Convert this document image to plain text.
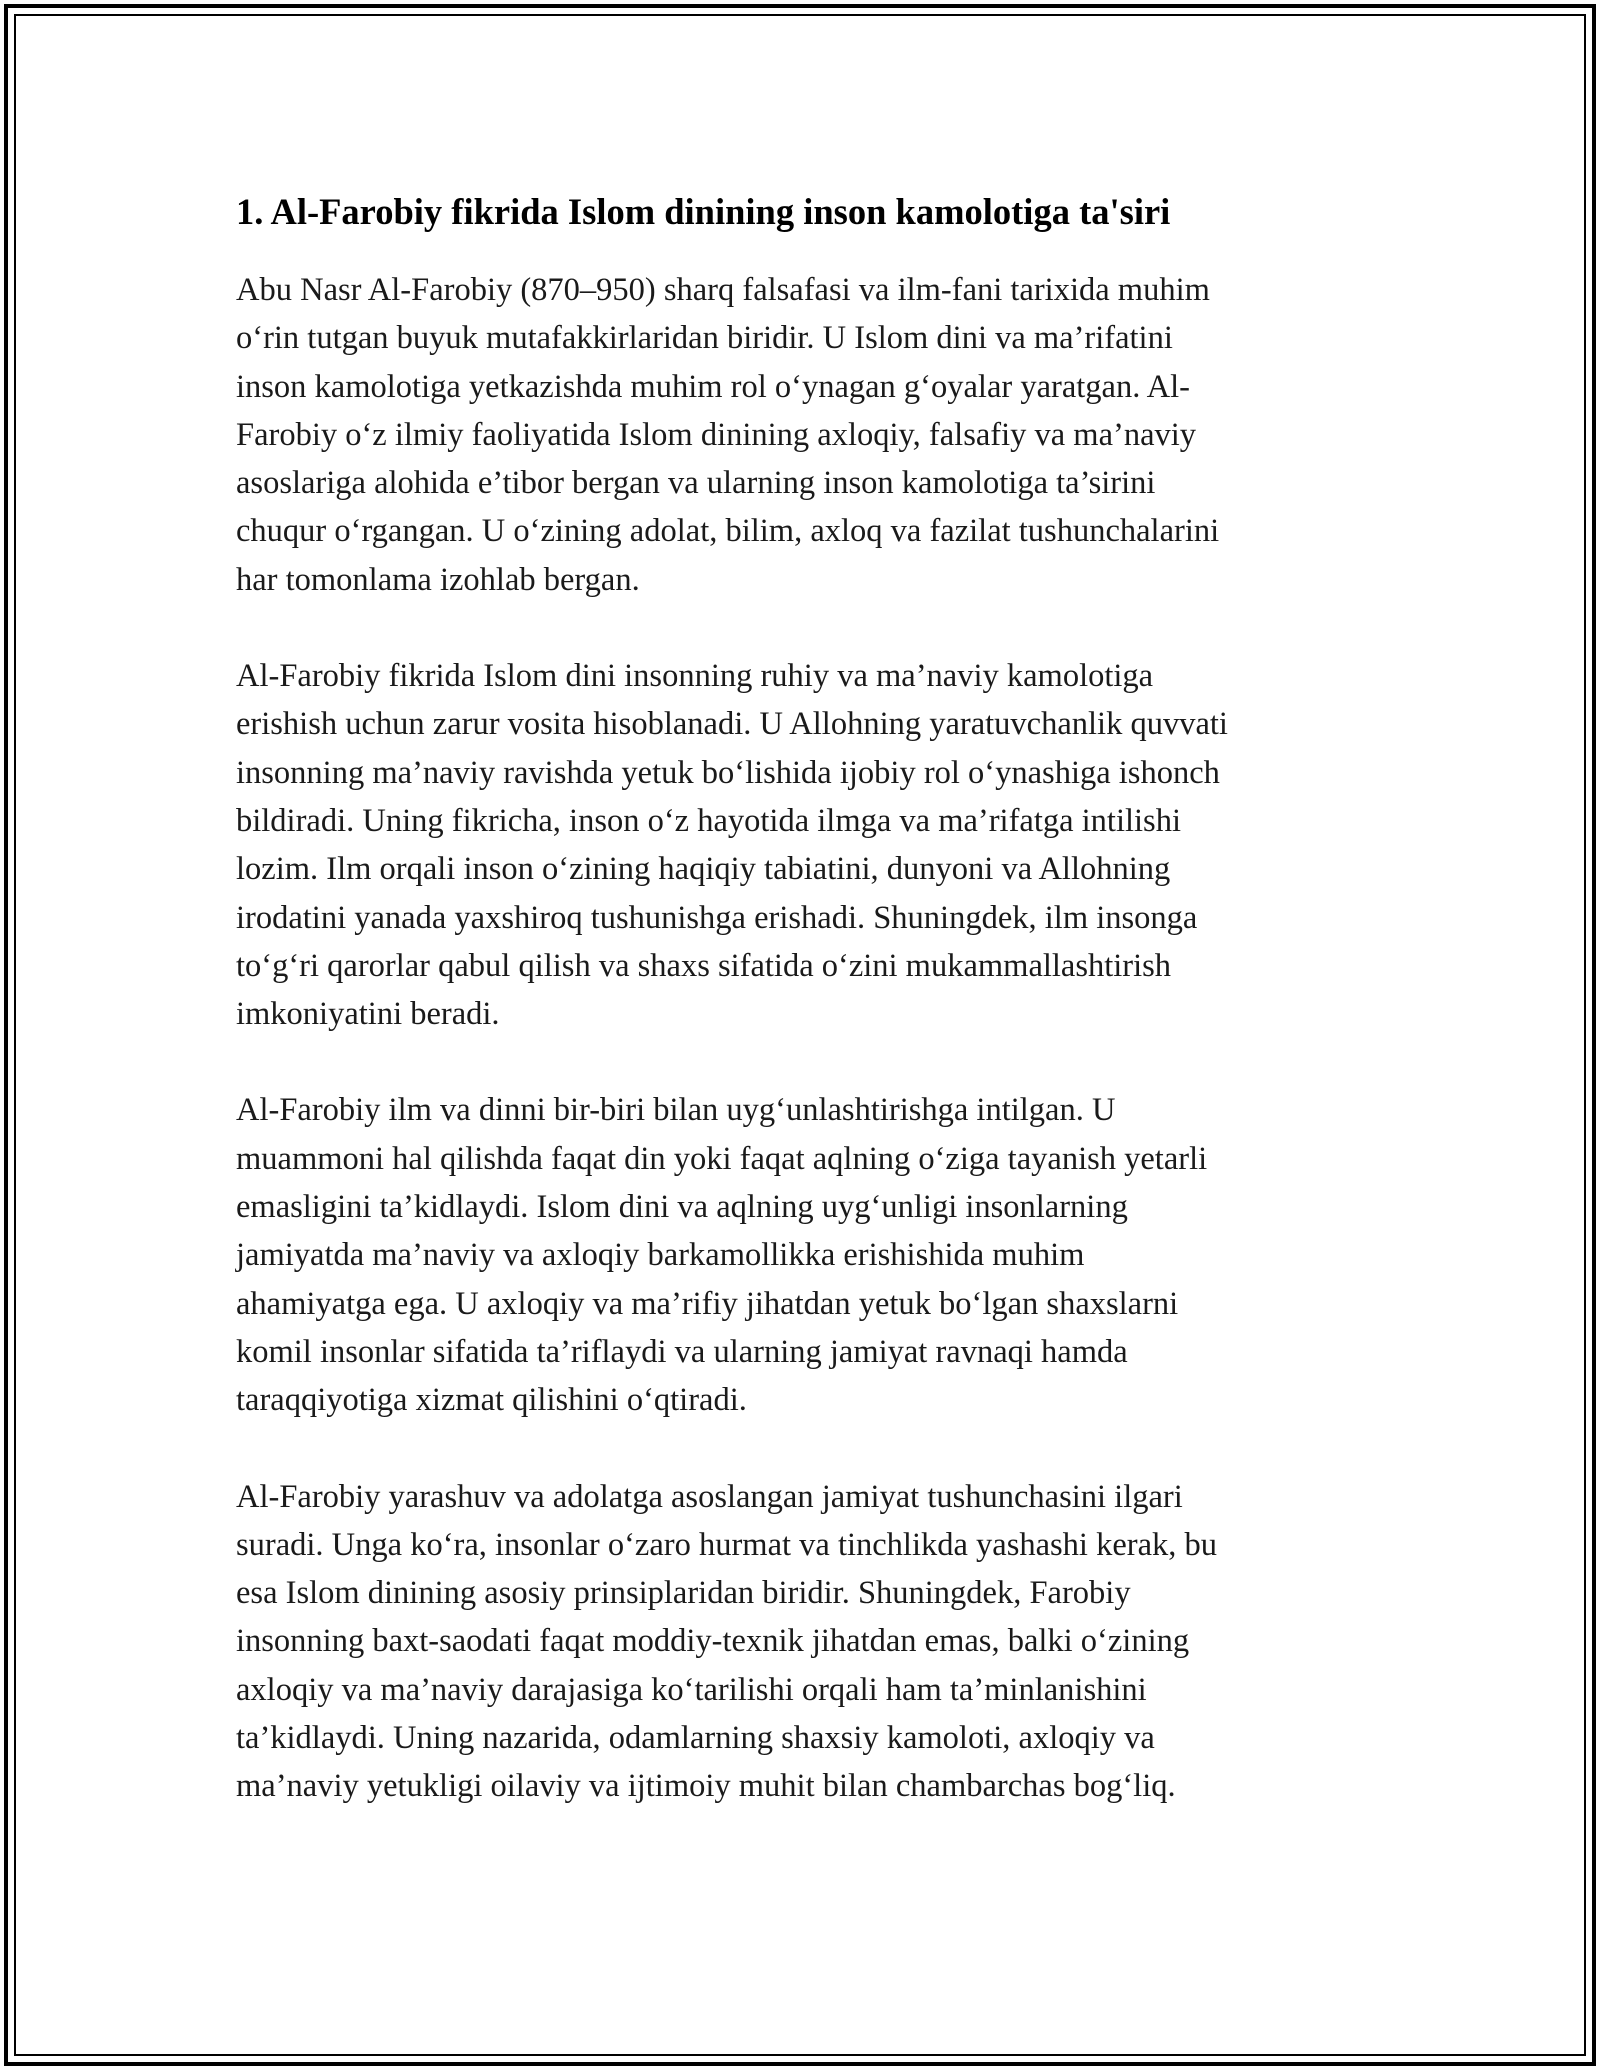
1. Al-Farobiy fikrida Islom dinining inson kamolotiga ta'siri

Abu Nasr Al-Farobiy (870–950) sharq falsafasi va ilm-fani tarixida muhim
o‘rin tutgan buyuk mutafakkirlaridan biridir. U Islom dini va ma’rifatini
inson kamolotiga yetkazishda muhim rol o‘ynagan g‘oyalar yaratgan. Al-
Farobiy o‘z ilmiy faoliyatida Islom dinining axloqiy, falsafiy va ma’naviy
asoslariga alohida e’tibor bergan va ularning inson kamolotiga ta’sirini
chuqur o‘rgangan. U o‘zining adolat, bilim, axloq va fazilat tushunchalarini
har tomonlama izohlab bergan.

Al-Farobiy fikrida Islom dini insonning ruhiy va ma’naviy kamolotiga
erishish uchun zarur vosita hisoblanadi. U Allohning yaratuvchanlik quvvati
insonning ma’naviy ravishda yetuk bo‘lishida ijobiy rol o‘ynashiga ishonch
bildiradi. Uning fikricha, inson o‘z hayotida ilmga va ma’rifatga intilishi
lozim. Ilm orqali inson o‘zining haqiqiy tabiatini, dunyoni va Allohning
irodatini yanada yaxshiroq tushunishga erishadi. Shuningdek, ilm insonga
to‘g‘ri qarorlar qabul qilish va shaxs sifatida o‘zini mukammallashtirish
imkoniyatini beradi.

Al-Farobiy ilm va dinni bir-biri bilan uyg‘unlashtirishga intilgan. U
muammoni hal qilishda faqat din yoki faqat aqlning o‘ziga tayanish yetarli
emasligini ta’kidlaydi. Islom dini va aqlning uyg‘unligi insonlarning
jamiyatda ma’naviy va axloqiy barkamollikka erishishida muhim
ahamiyatga ega. U axloqiy va ma’rifiy jihatdan yetuk bo‘lgan shaxslarni
komil insonlar sifatida ta’riflaydi va ularning jamiyat ravnaqi hamda
taraqqiyotiga xizmat qilishini o‘qtiradi.

Al-Farobiy yarashuv va adolatga asoslangan jamiyat tushunchasini ilgari
suradi. Unga ko‘ra, insonlar o‘zaro hurmat va tinchlikda yashashi kerak, bu
esa Islom dinining asosiy prinsiplaridan biridir. Shuningdek, Farobiy
insonning baxt-saodati faqat moddiy-texnik jihatdan emas, balki o‘zining
axloqiy va ma’naviy darajasiga ko‘tarilishi orqali ham ta’minlanishini
ta’kidlaydi. Uning nazarida, odamlarning shaxsiy kamoloti, axloqiy va
ma’naviy yetukligi oilaviy va ijtimoiy muhit bilan chambarchas bog‘liq.
